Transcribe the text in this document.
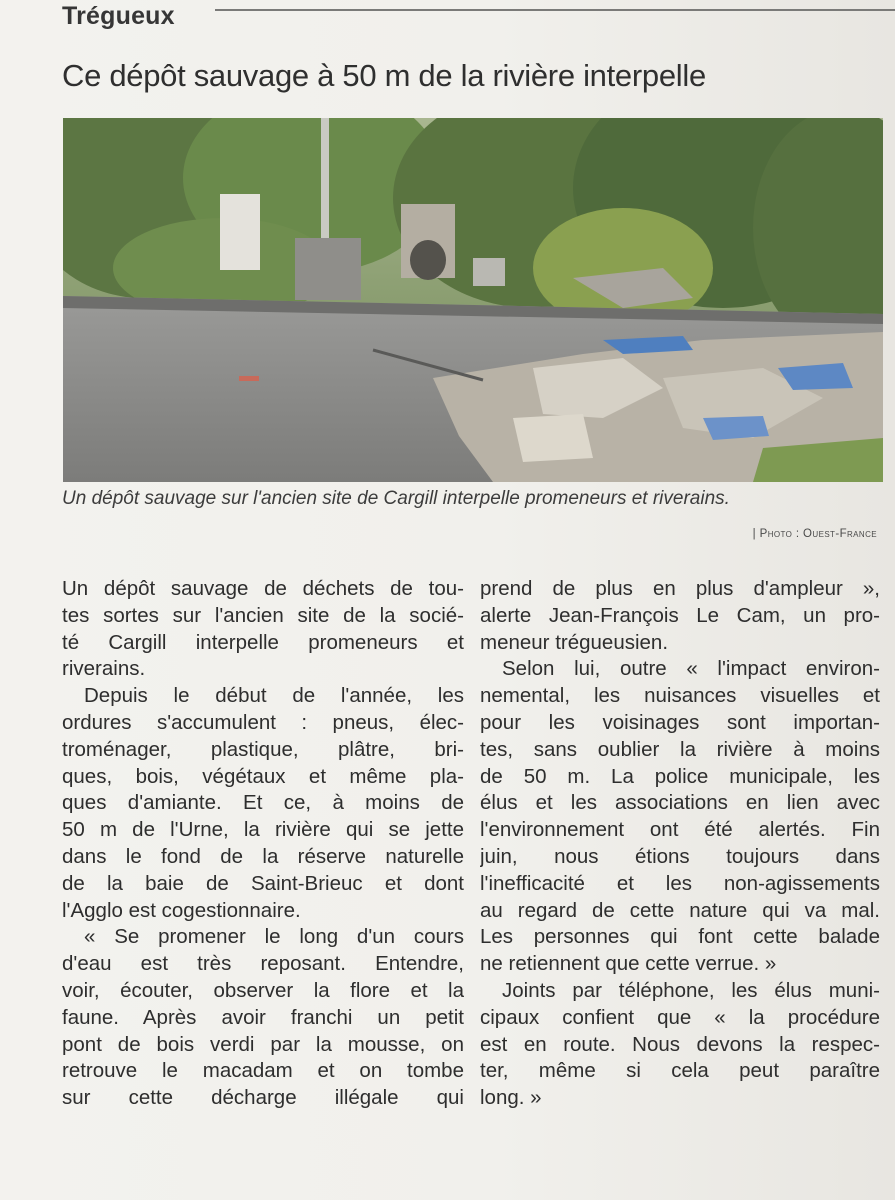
Trégueux
Ce dépôt sauvage à 50 m de la rivière interpelle
Un dépôt sauvage sur l'ancien site de Cargill interpelle promeneurs et riverains.
| Photo : Ouest-France

Un dépôt sauvage de déchets de tou-
tes sortes sur l'ancien site de la socié-
té Cargill interpelle promeneurs et
riverains.

Depuis le début de l'année, les
ordures s'accumulent : pneus, élec-
troménager, plastique, plâtre, bri-
ques, bois, végétaux et même pla-
ques d'amiante. Et ce, à moins de
50 m de l'Urne, la rivière qui se jette
dans le fond de la réserve naturelle
de la baie de Saint-Brieuc et dont
l'Agglo est cogestionnaire.

« Se promener le long d'un cours
d'eau est très reposant. Entendre,
voir, écouter, observer la flore et la
faune. Après avoir franchi un petit
pont de bois verdi par la mousse, on
retrouve le macadam et on tombe
sur cette décharge illégale qui

prend de plus en plus d'ampleur »,
alerte Jean-François Le Cam, un pro-
meneur trégueusien.

Selon lui, outre « l'impact environ-
nemental, les nuisances visuelles et
pour les voisinages sont importan-
tes, sans oublier la rivière à moins
de 50 m. La police municipale, les
élus et les associations en lien avec
l'environnement ont été alertés. Fin
juin, nous étions toujours dans
l'inefficacité et les non-agissements
au regard de cette nature qui va mal.
Les personnes qui font cette balade
ne retiennent que cette verrue. »

Joints par téléphone, les élus muni-
cipaux confient que « la procédure
est en route. Nous devons la respec-
ter, même si cela peut paraître
long. »
